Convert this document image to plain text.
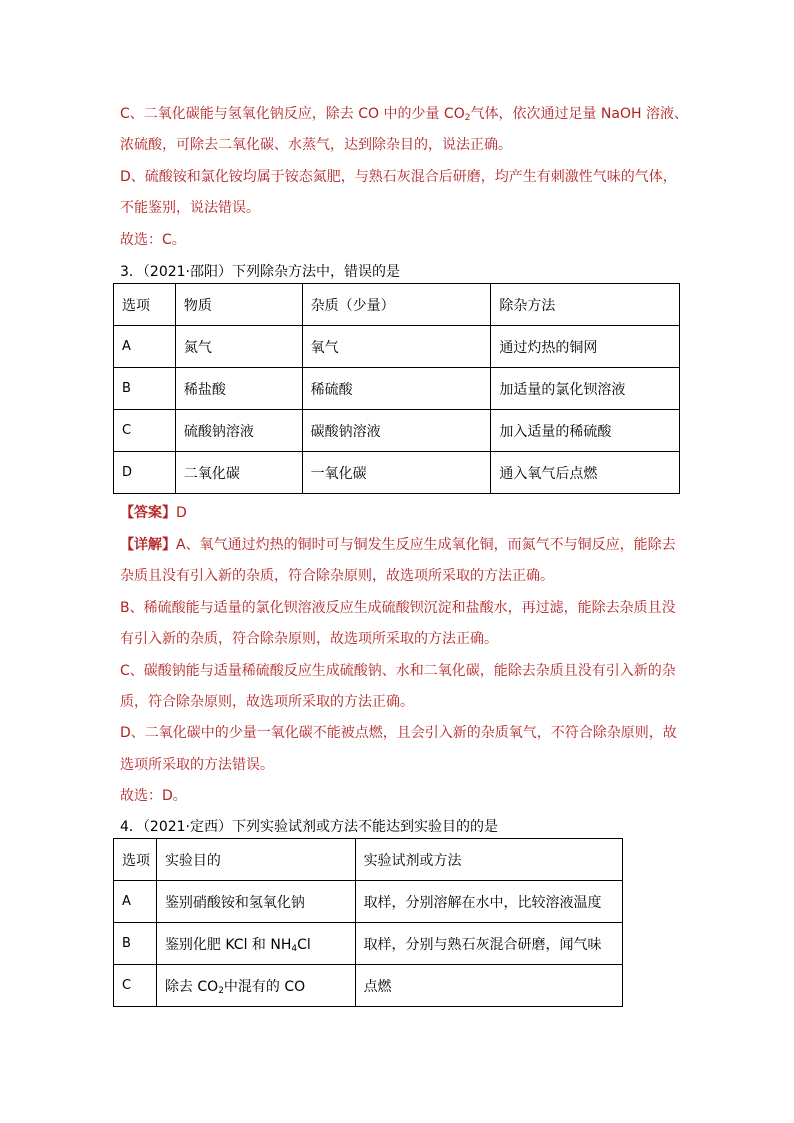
C、二氧化碳能与氢氧化钠反应，除去 CO 中的少量 $CO_2$气体，依次通过足量 NaOH 溶液、
浓硫酸，可除去二氧化碳、水蒸气，达到除杂目的，说法正确。
D、硫酸铵和氯化铵均属于铵态氮肥，与熟石灰混合后研磨，均产生有刺激性气味的气体，
不能鉴别，说法错误。
故选：C。
3．（2021·邵阳）下列除杂方法中，错误的是
选项	物质	杂质（少量）	除杂方法
A	氮气	氧气	通过灼热的铜网
B	稀盐酸	稀硫酸	加适量的氯化钡溶液
C	硫酸钠溶液	碳酸钠溶液	加入适量的稀硫酸
D	二氧化碳	一氧化碳	通入氧气后点燃
【答案】D
【详解】A、氧气通过灼热的铜时可与铜发生反应生成氧化铜，而氮气不与铜反应，能除去
杂质且没有引入新的杂质，符合除杂原则，故选项所采取的方法正确。
B、稀硫酸能与适量的氯化钡溶液反应生成硫酸钡沉淀和盐酸水，再过滤，能除去杂质且没
有引入新的杂质，符合除杂原则，故选项所采取的方法正确。
C、碳酸钠能与适量稀硫酸反应生成硫酸钠、水和二氧化碳，能除去杂质且没有引入新的杂
质，符合除杂原则，故选项所采取的方法正确。
D、二氧化碳中的少量一氧化碳不能被点燃，且会引入新的杂质氧气，不符合除杂原则，故
选项所采取的方法错误。
故选：D。
4．（2021·定西）下列实验试剂或方法不能达到实验目的的是
选项	实验目的	实验试剂或方法
A	鉴别硝酸铵和氢氧化钠	取样，分别溶解在水中，比较溶液温度
B	鉴别化肥 KCl 和 $NH_4Cl$	取样，分别与熟石灰混合研磨，闻气味
C	除去 $CO_2$中混有的 CO	点燃
